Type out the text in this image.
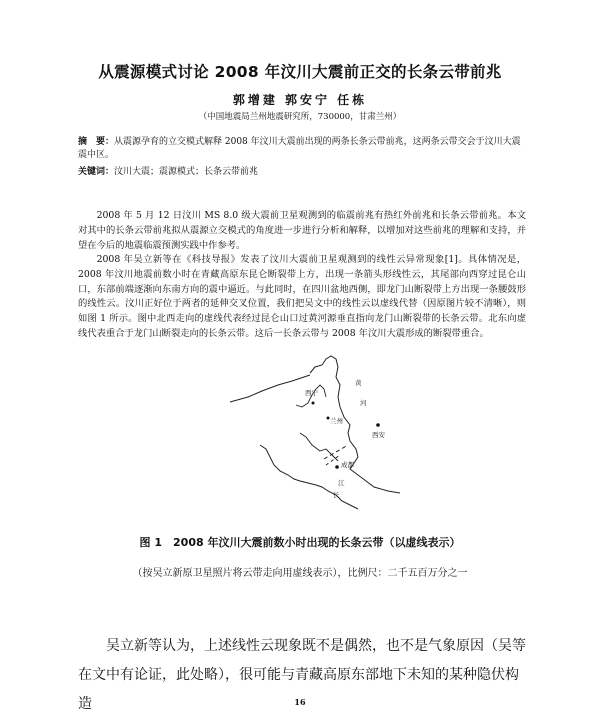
从震源模式讨论 2008 年汶川大震前正交的长条云带前兆
郭增建 郭安宁 任栋
（中国地震局兰州地震研究所，730000，甘肃兰州）
摘　要：从震源孕育的立交模式解释 2008 年汶川大震前出现的两条长条云带前兆，这两条云带交会于汶川大震震中区。
关键词：汶川大震；震源模式；长条云带前兆
2008 年 5 月 12 日汶川 MS 8.0 级大震前卫星观测到的临震前兆有热红外前兆和长条云带前兆。本文对其中的长条云带前兆拟从震源立交模式的角度进一步进行分析和解释，以增加对这些前兆的理解和支持，并望在今后的地震临震预测实践中作参考。
2008 年吴立新等在《科技导报》发表了汶川大震前卫星观测到的线性云异常现象[1]。具体情况是，2008 年汶川地震前数小时在青藏高原东昆仑断裂带上方，出现一条箭头形线性云，其尾部向西穿过昆仑山口，东部前端逐渐向东南方向的震中逼近。与此同时，在四川盆地西侧，即龙门山断裂带上方出现一条腰鼓形的线性云。汶川正好位于两者的延伸交叉位置，我们把吴文中的线性云以虚线代替（因原图片较不清晰），则如图 1 所示。图中北西走向的虚线代表经过昆仑山口过黄河源垂直指向龙门山断裂带的长条云带。北东向虚线代表重合于龙门山断裂走向的长条云带。这后一长条云带与 2008 年汶川大震形成的断裂带重合。
西宁
黄
河
兰州
西安
成都
江
长
图 1　2008 年汶川大震前数小时出现的长条云带（以虚线表示）
（按吴立新原卫星照片将云带走向用虚线表示），比例尺：二千五百万分之一
吴立新等认为，上述线性云现象既不是偶然，也不是气象原因（吴等在文中有论证，此处略），很可能与青藏高原东部地下未知的某种隐伏构造	16
